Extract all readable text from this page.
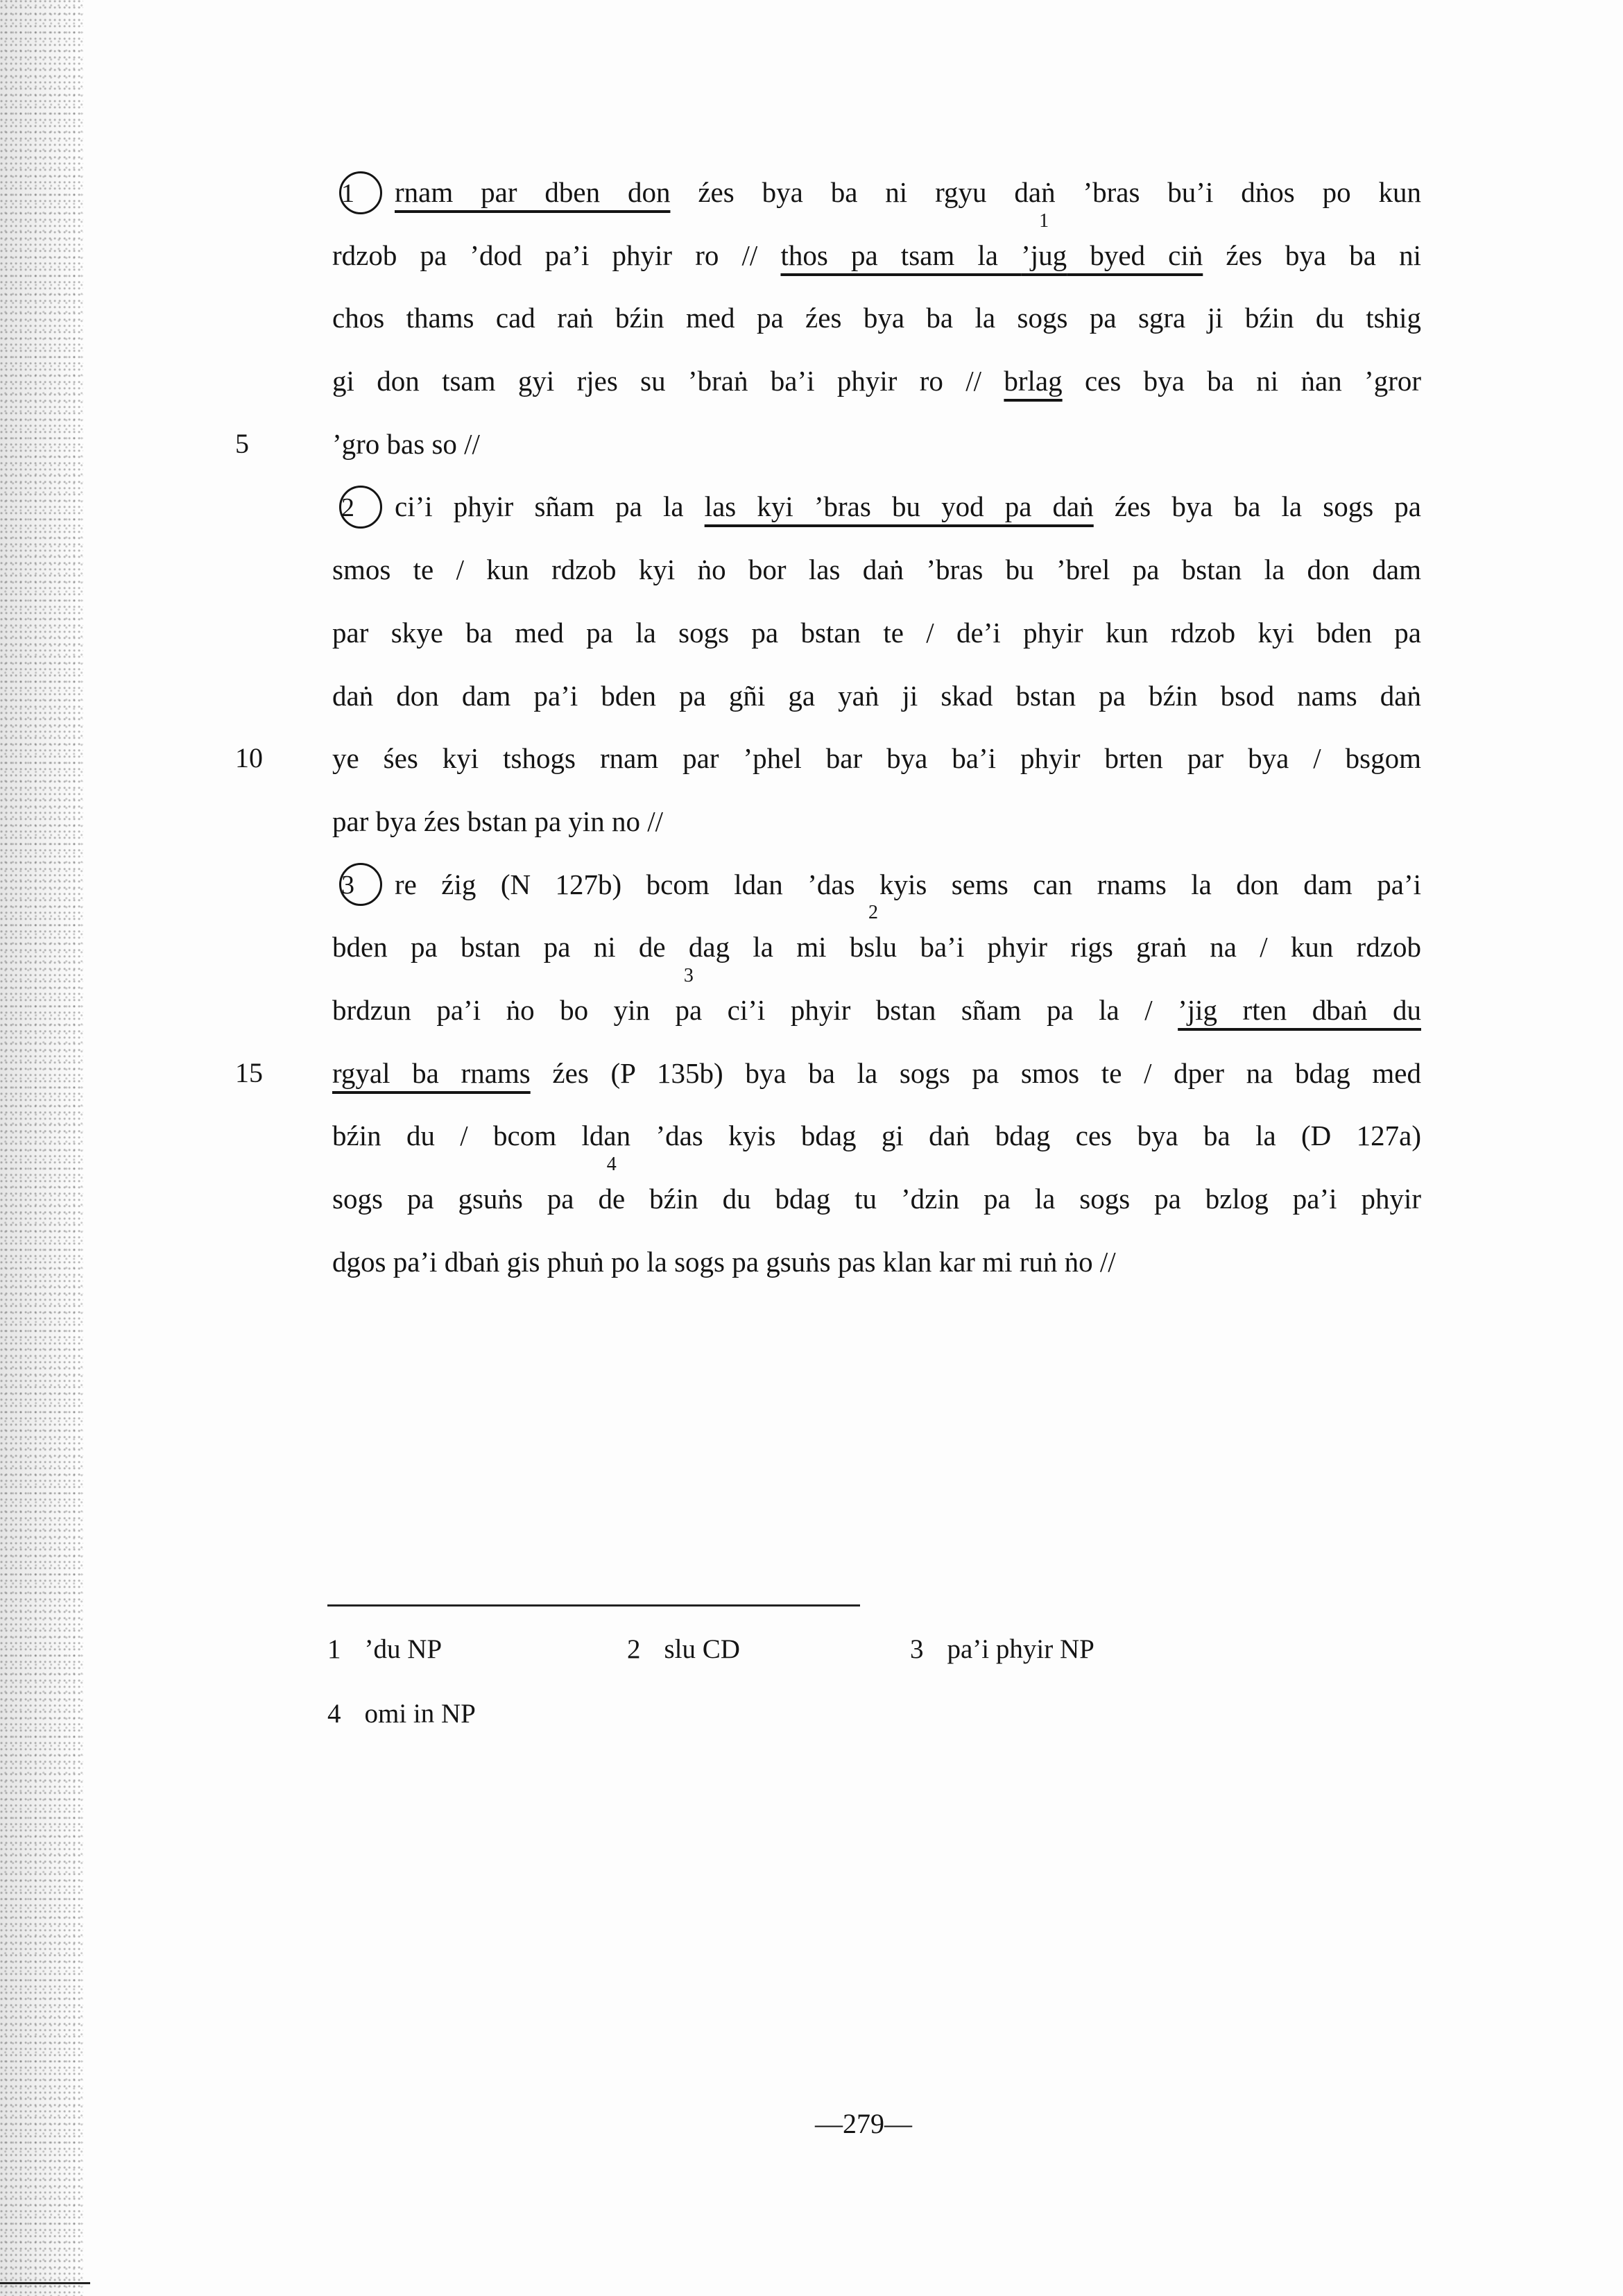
1 rnam par dben don źes bya ba ni rgyu daṅ ’bras bu’i dṅos po kun
rdzob pa ’dod pa’i phyir ro // thos pa tsam la ’jug
1
byed ciṅ źes bya ba ni
chos thams cad raṅ bźin med pa źes bya ba la sogs pa sgra ji bźin du tshig
gi don tsam gyi rjes su ’braṅ ba’i phyir ro // brlag ces bya ba ni ṅan ’gror
5	’gro bas so //
2 ci’i phyir sñam pa la las kyi ’bras bu yod pa daṅ źes bya ba la sogs pa
smos te / kun rdzob kyi ṅo bor las daṅ ’bras bu ’brel pa bstan la don dam
par skye ba med pa la sogs pa bstan te / de’i phyir kun rdzob kyi bden pa
daṅ don dam pa’i bden pa gñi ga yaṅ ji skad bstan pa bźin bsod nams daṅ
10	ye śes kyi tshogs rnam par ’phel bar bya ba’i phyir brten par bya / bsgom
par bya źes bstan pa yin no //
3 re źig (N 127b) bcom ldan ’das kyis sems can rnams la don dam pa’i
bden pa bstan pa ni de dag la mi bslu
2
ba’i phyir rigs graṅ na / kun rdzob
brdzun pa’i ṅo bo yin pa
3
ci’i phyir bstan sñam pa la / ’jig rten dbaṅ du
15	rgyal ba rnams źes (P 135b) bya ba la sogs pa smos te / dper na bdag med
bźin du / bcom ldan ’das kyis bdag gi daṅ bdag ces bya ba la (D 127a)
sogs pa gsuṅs pa de
4
bźin du bdag tu ’dzin pa la sogs pa bzlog pa’i phyir
dgos pa’i dbaṅ gis phuṅ po la sogs pa gsuṅs pas klan kar mi ruṅ ṅo //
1 ’du NP	2 slu CD	3 pa’i phyir NP
4 omi in NP
—279—
